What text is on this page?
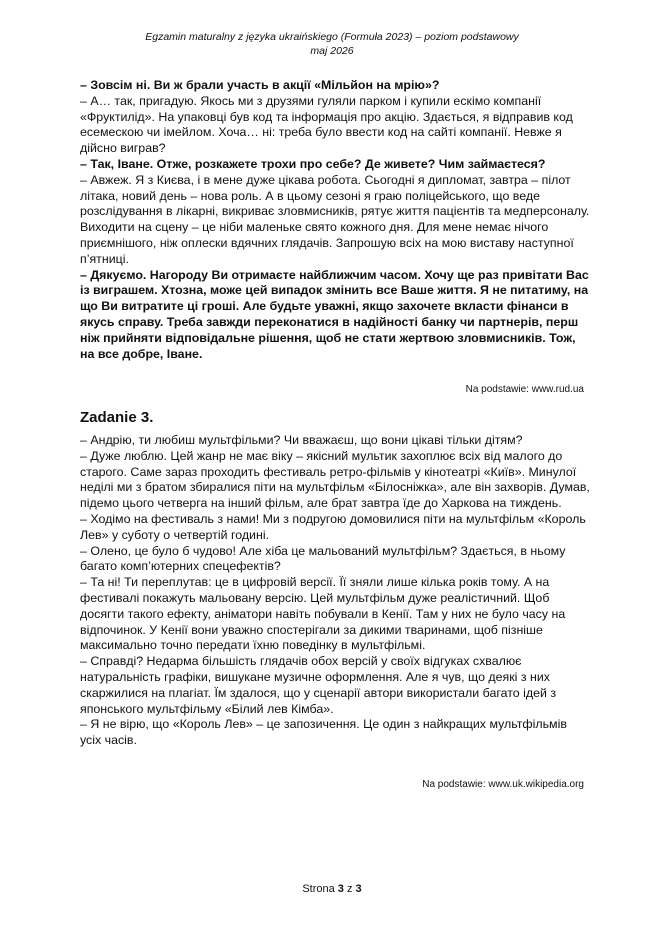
Egzamin maturalny z języka ukraińskiego (Formuła 2023) – poziom podstawowy
maj 2026

– Зовсім ні. Ви ж брали участь в акції «Мільйон на мрію»?

– А… так, пригадую. Якось ми з друзями гуляли парком і купили ескімо компанії «Фруктилід». На упаковці був код та інформація про акцію. Здається, я відправив код есемескою чи імейлом. Хоча… ні: треба було ввести код на сайті компанії. Невже я дійсно виграв?

– Так, Іване. Отже, розкажете трохи про себе? Де живете? Чим займаєтеся?

– Авжеж. Я з Києва, і в мене дуже цікава робота. Сьогодні я дипломат, завтра – пілот літака, новий день – нова роль. А в цьому сезоні я граю поліцейського, що веде розслідування в лікарні, викриває зловмисників, рятує життя пацієнтів та медперсоналу. Виходити на сцену – це ніби маленьке свято кожного дня. Для мене немає нічого приємнішого, ніж оплески вдячних глядачів. Запрошую всіх на мою виставу наступної п’ятниці.

– Дякуємо. Нагороду Ви отримаєте найближчим часом. Хочу ще раз привітати Вас із виграшем. Хтозна, може цей випадок змінить все Ваше життя. Я не питатиму, на що Ви витратите ці гроші. Але будьте уважні, якщо захочете вкласти фінанси в якусь справу. Треба завжди переконатися в надійності банку чи партнерів, перш ніж прийняти відповідальне рішення, щоб не стати жертвою зловмисників. Тож, на все добре, Іване.

Na podstawie: www.rud.ua
Zadanie 3.

– Андрію, ти любиш мультфільми? Чи вважаєш, що вони цікаві тільки дітям?

– Дуже люблю. Цей жанр не має віку – якісний мультик захоплює всіх від малого до старого. Саме зараз проходить фестиваль ретро-фільмів у кінотеатрі «Київ». Минулої неділі ми з братом збиралися піти на мультфільм «Білосніжка», але він захворів. Думав, підемо цього четверга на інший фільм, але брат завтра їде до Харкова на тиждень.

– Ходімо на фестиваль з нами! Ми з подругою домовилися піти на мультфільм «Король Лев» у суботу о четвертій годині.

– Олено, це було б чудово! Але хіба це мальований мультфільм? Здається, в ньому багато комп’ютерних спецефектів?

– Та ні! Ти переплутав: це в цифровій версії. Її зняли лише кілька років тому. А на фестивалі покажуть мальовану версію. Цей мультфільм дуже реалістичний. Щоб досягти такого ефекту, аніматори навіть побували в Кенії. Там у них не було часу на відпочинок. У Кенії вони уважно спостерігали за дикими тваринами, щоб пізніше максимально точно передати їхню поведінку в мультфільмі.

– Справді? Недарма більшість глядачів обох версій у своїх відгуках схвалює натуральність графіки, вишукане музичне оформлення. Але я чув, що деякі з них скаржилися на плагіат. Їм здалося, що у сценарії автори використали багато ідей з японського мультфільму «Білий лев Кімба».

– Я не вірю, що «Король Лев» – це запозичення. Це один з найкращих мультфільмів усіх часів.

Na podstawie: www.uk.wikipedia.org
Strona 3 z 3
